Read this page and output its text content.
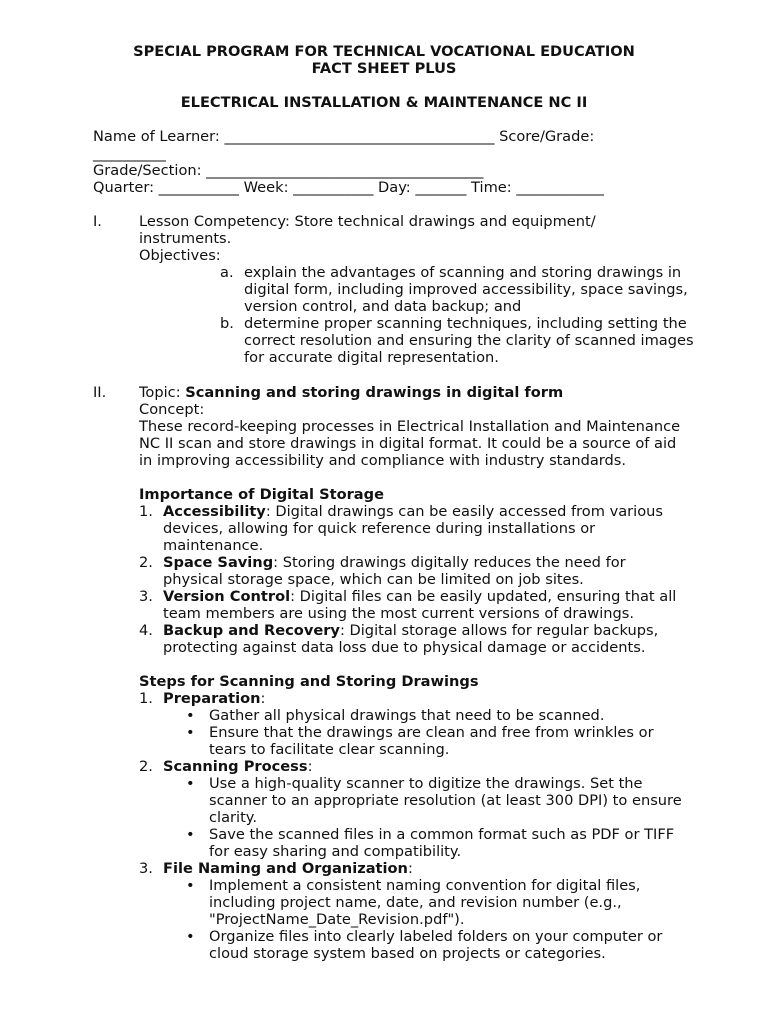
SPECIAL PROGRAM FOR TECHNICAL VOCATIONAL EDUCATION
FACT SHEET PLUS
ELECTRICAL INSTALLATION & MAINTENANCE NC II
Name of Learner: _____________________________________ Score/Grade:
__________
Grade/Section: ______________________________________
Quarter: ___________ Week: ___________ Day: _______ Time: ____________
I.	Lesson Competency: Store technical drawings and equipment/
instruments.
Objectives:
a. explain the advantages of scanning and storing drawings in
digital form, including improved accessibility, space savings,
version control, and data backup; and
b. determine proper scanning techniques, including setting the
correct resolution and ensuring the clarity of scanned images
for accurate digital representation.
II. Topic: Scanning and storing drawings in digital form
Concept:
These record-keeping processes in Electrical Installation and Maintenance
NC II scan and store drawings in digital format. It could be a source of aid
in improving accessibility and compliance with industry standards.
Importance of Digital Storage
1. Accessibility: Digital drawings can be easily accessed from various
devices, allowing for quick reference during installations or
maintenance.
2. Space Saving: Storing drawings digitally reduces the need for
physical storage space, which can be limited on job sites.
3. Version Control: Digital files can be easily updated, ensuring that all
team members are using the most current versions of drawings.
4. Backup and Recovery: Digital storage allows for regular backups,
protecting against data loss due to physical damage or accidents.
Steps for Scanning and Storing Drawings
1. Preparation:
• Gather all physical drawings that need to be scanned.
• Ensure that the drawings are clean and free from wrinkles or
tears to facilitate clear scanning.
2. Scanning Process:
• Use a high-quality scanner to digitize the drawings. Set the
scanner to an appropriate resolution (at least 300 DPI) to ensure
clarity.
• Save the scanned files in a common format such as PDF or TIFF
for easy sharing and compatibility.
3. File Naming and Organization:
• Implement a consistent naming convention for digital files,
including project name, date, and revision number (e.g.,
"ProjectName_Date_Revision.pdf").
• Organize files into clearly labeled folders on your computer or
cloud storage system based on projects or categories.
